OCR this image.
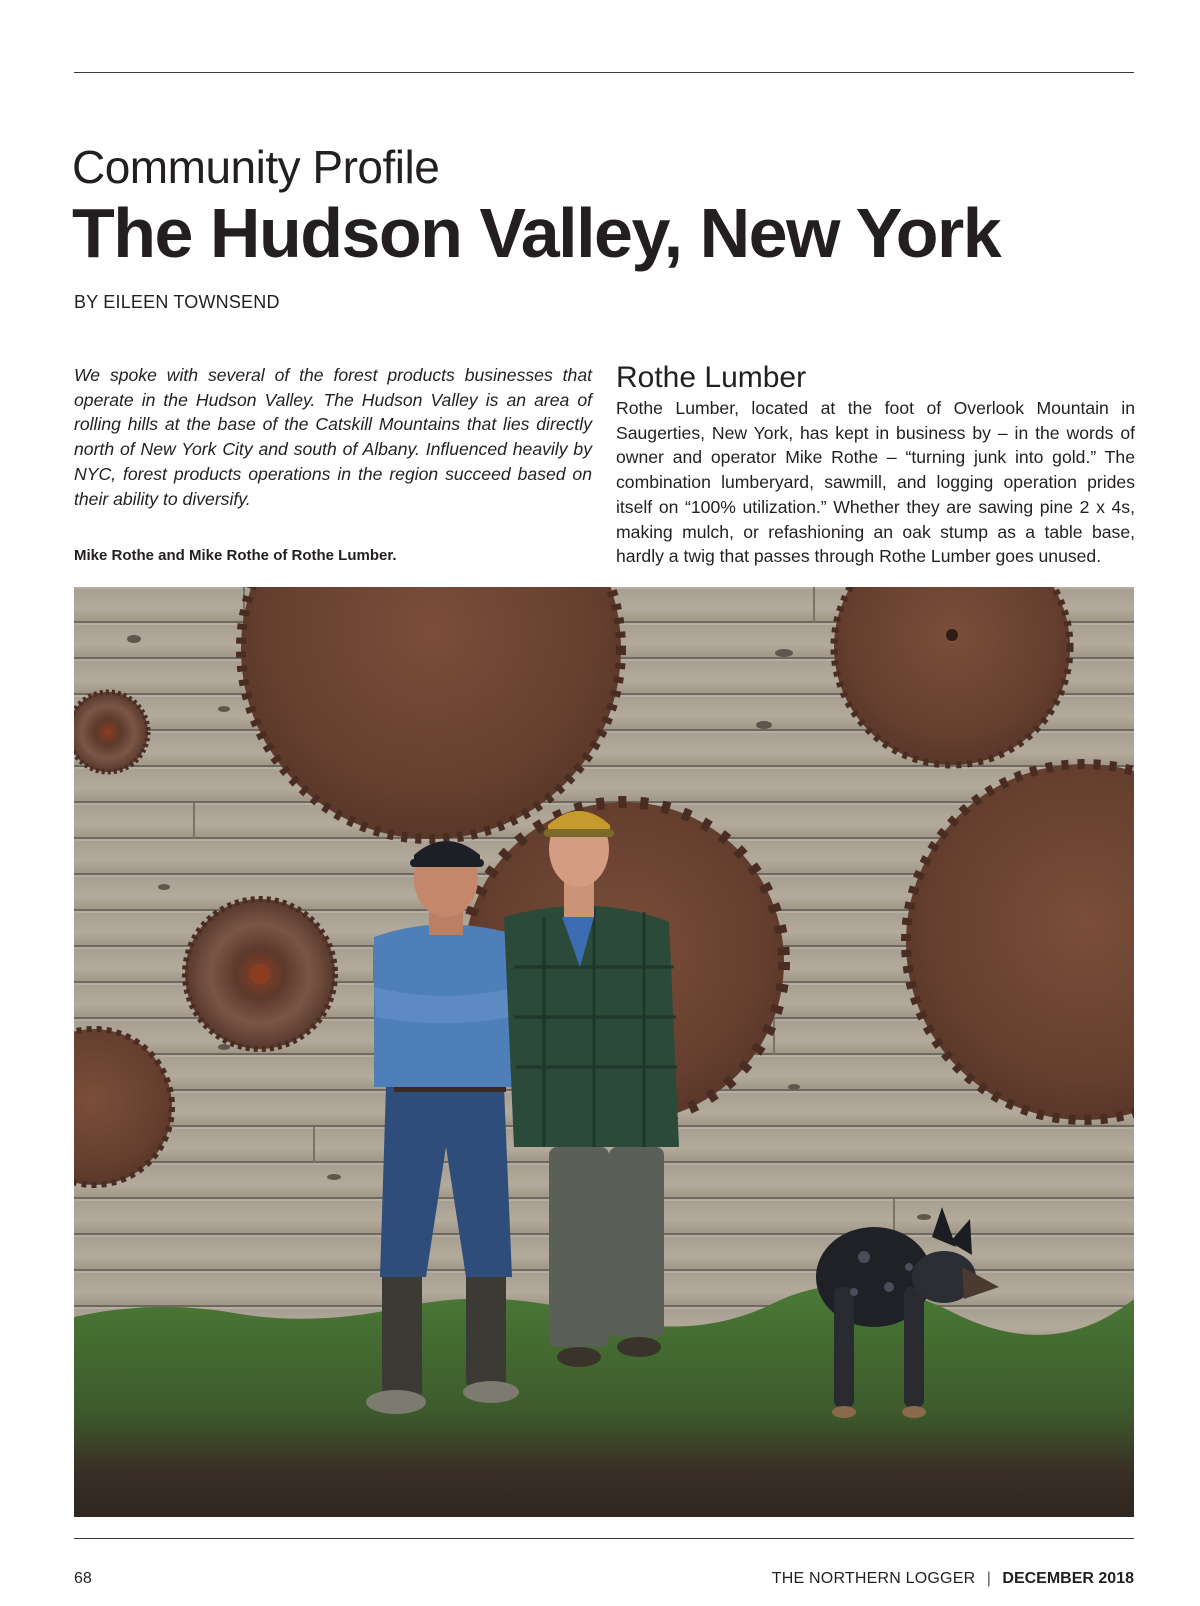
Community Profile
The Hudson Valley, New York
BY EILEEN TOWNSEND

We spoke with several of the forest products businesses that operate in the Hudson Valley. The Hudson Valley is an area of rolling hills at the base of the Catskill Mountains that lies directly north of New York City and south of Albany. Influenced heavily by NYC, forest products operations in the region succeed based on their ability to diversify.

Mike Rothe and Mike Rothe of Rothe Lumber.
Rothe Lumber

Rothe Lumber, located at the foot of Overlook Mountain in Saugerties, New York, has kept in business by – in the words of owner and operator Mike Rothe – “turning junk into gold.” The combination lumberyard, sawmill, and logging operation prides itself on “100% utilization.” Whether they are sawing pine 2 x 4s, making mulch, or refashioning an oak stump as a table base, hardly a twig that passes through Rothe Lumber goes unused.

68	THE NORTHERN LOGGER | DECEMBER 2018
